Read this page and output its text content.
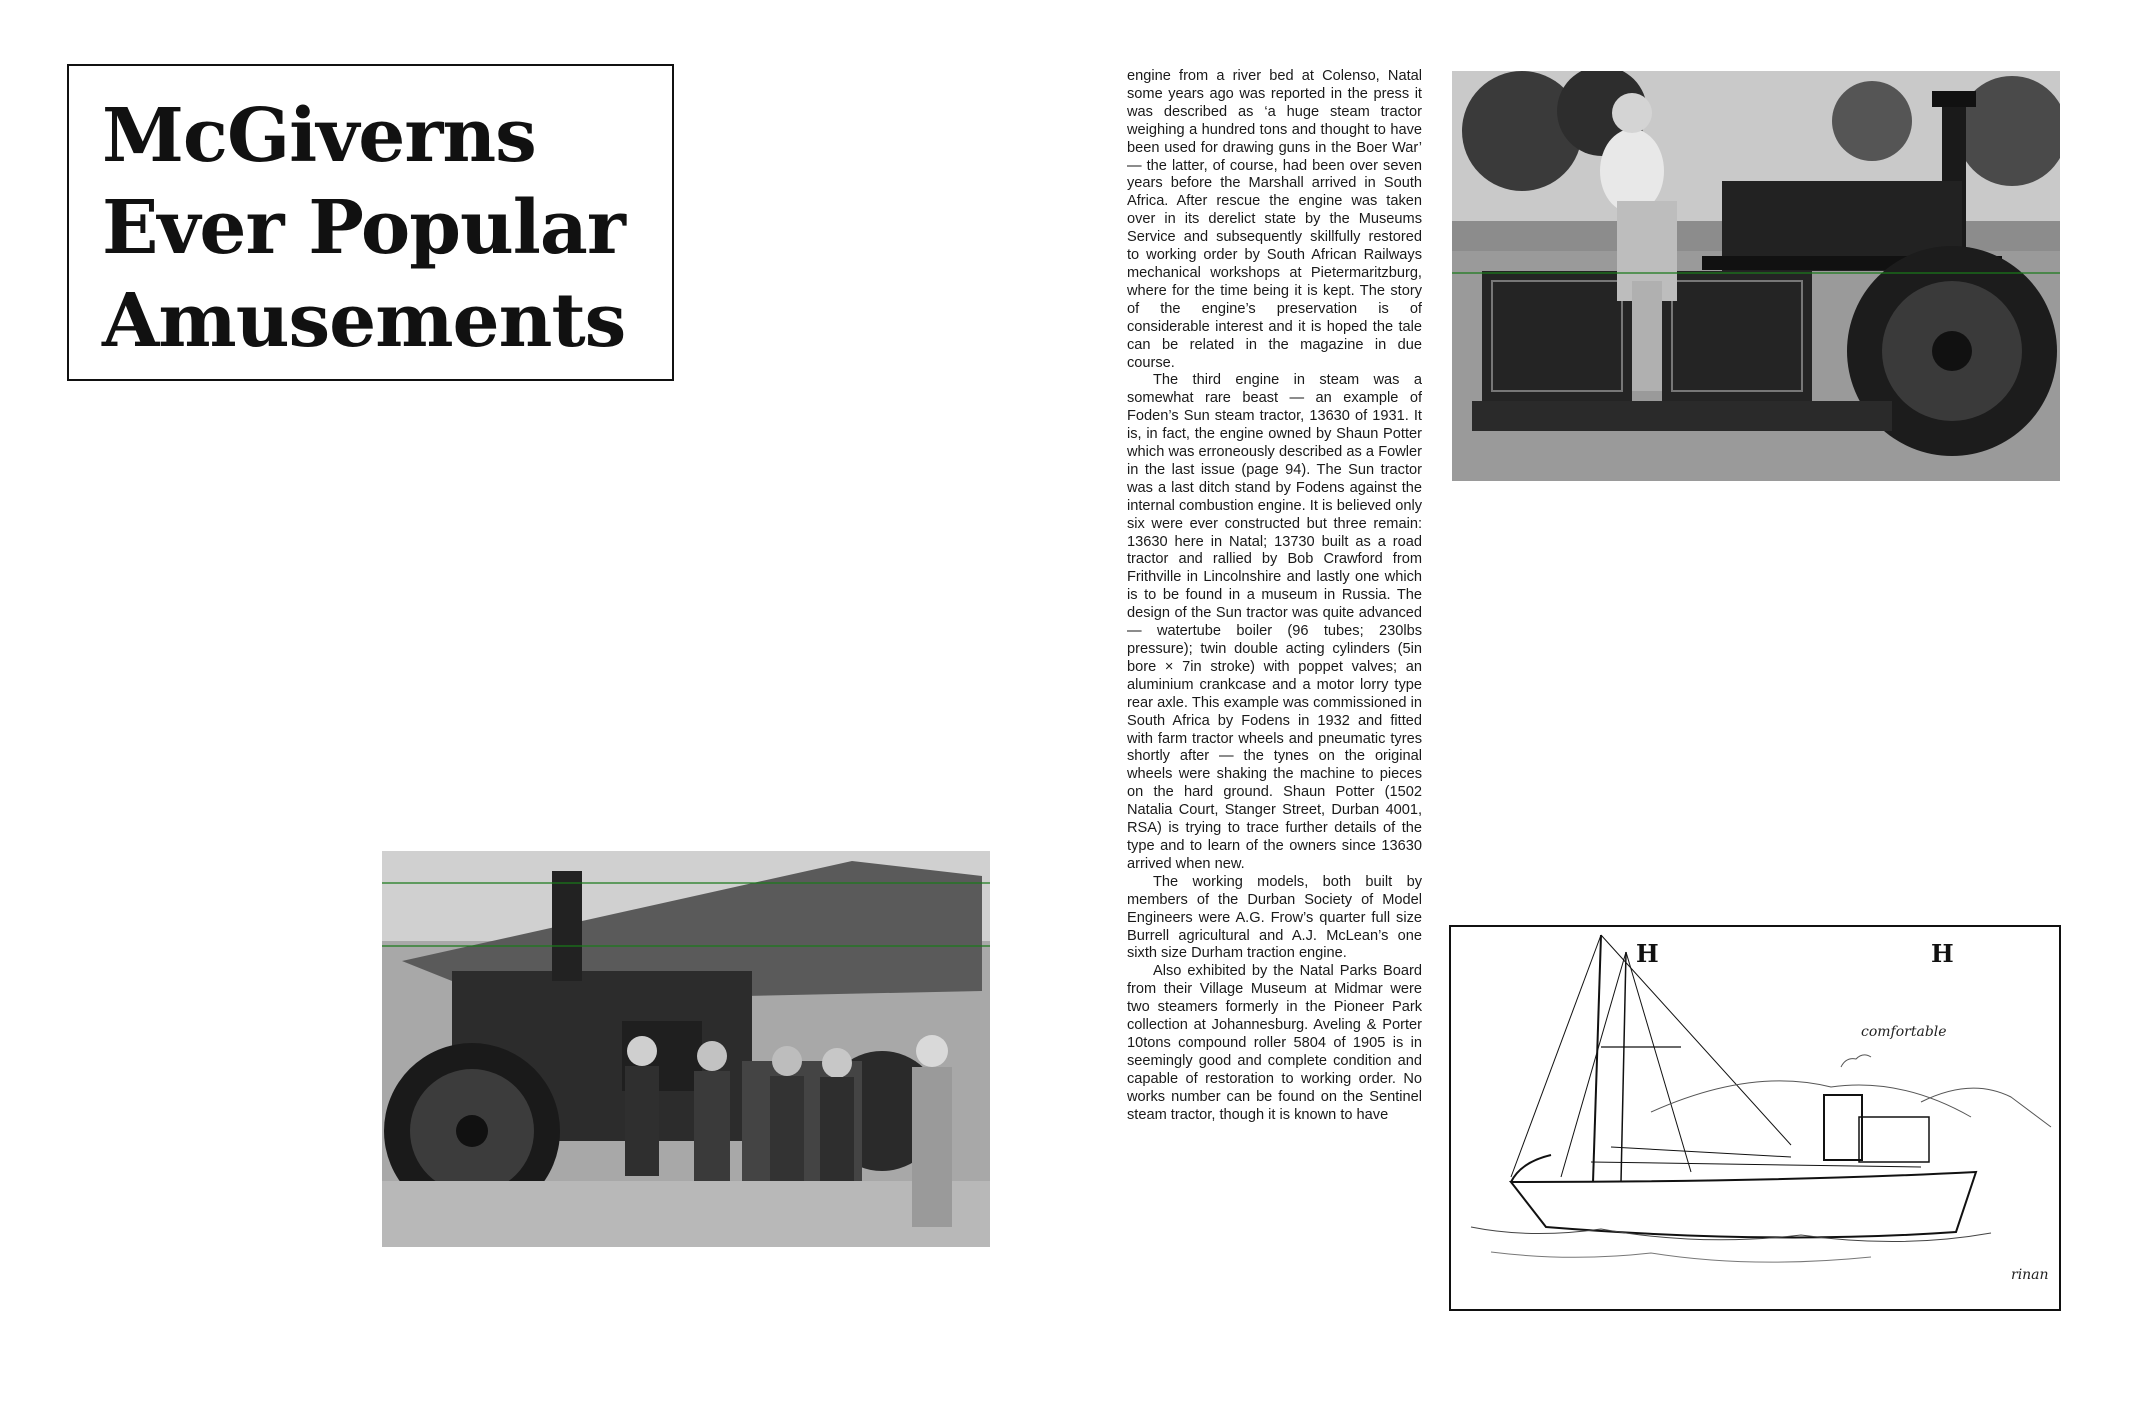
McGiverns
Ever Popular
Amusements
H	H
comfortable
rinan

engine from a river bed at Colenso, Natal some years ago was reported in the press it was described as ‘a huge steam tractor weighing a hundred tons and thought to have been used for drawing guns in the Boer War’ — the latter, of course, had been over seven years before the Marshall arrived in South Africa. After rescue the engine was taken over in its derelict state by the Museums Service and subsequently skillfully restored to working order by South African Railways mechanical workshops at Pietermaritzburg, where for the time being it is kept. The story of the engine’s preservation is of considerable interest and it is hoped the tale can be related in the magazine in due course.

The third engine in steam was a somewhat rare beast — an example of Foden’s Sun steam tractor, 13630 of 1931. It is, in fact, the engine owned by Shaun Potter which was erroneously described as a Fowler in the last issue (page 94). The Sun tractor was a last ditch stand by Fodens against the internal combustion engine. It is believed only six were ever constructed but three remain: 13630 here in Natal; 13730 built as a road tractor and rallied by Bob Crawford from Frithville in Lincolnshire and lastly one which is to be found in a museum in Russia. The design of the Sun tractor was quite advanced — watertube boiler (96 tubes; 230lbs pressure); twin double acting cylinders (5in bore × 7in stroke) with poppet valves; an aluminium crankcase and a motor lorry type rear axle. This example was commissioned in South Africa by Fodens in 1932 and fitted with farm tractor wheels and pneumatic tyres shortly after — the tynes on the original wheels were shaking the machine to pieces on the hard ground. Shaun Potter (1502 Natalia Court, Stanger Street, Durban 4001, RSA) is trying to trace further details of the type and to learn of the owners since 13630 arrived when new.

The working models, both built by members of the Durban Society of Model Engineers were A.G. Frow’s quarter full size Burrell agricultural and A.J. McLean’s one sixth size Durham traction engine.

Also exhibited by the Natal Parks Board from their Village Museum at Midmar were two steamers formerly in the Pioneer Park collection at Johannesburg. Aveling & Porter 10tons compound roller 5804 of 1905 is in seemingly good and complete condition and capable of restoration to working order. No works number can be found on the Sentinel steam tractor, though it is known to have
